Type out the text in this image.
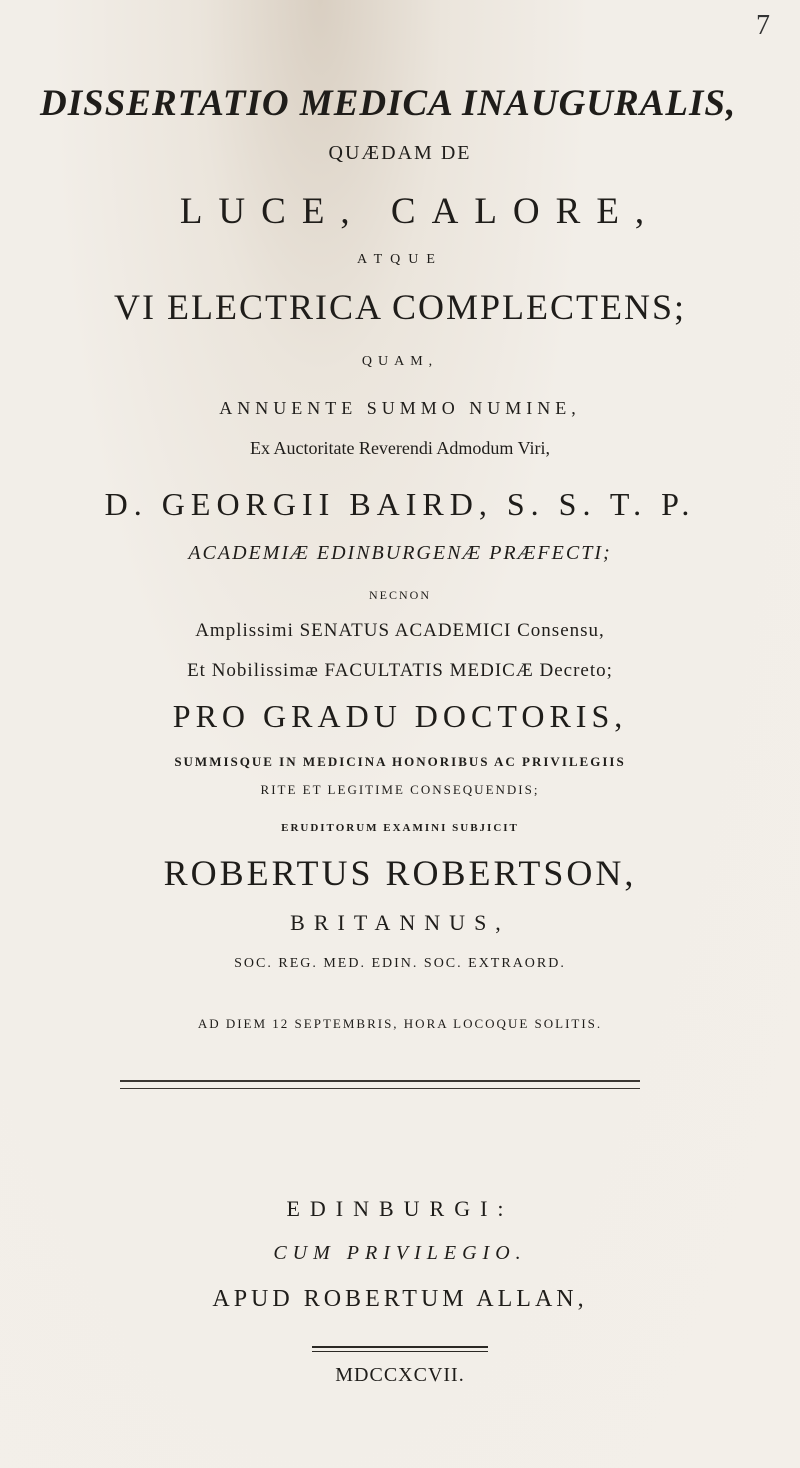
7
DISSERTATIO MEDICA INAUGURALIS,
QUÆDAM DE
LUCE, CALORE,
ATQUE
VI ELECTRICA COMPLECTENS;
QUAM,
ANNUENTE SUMMO NUMINE,
Ex Auctoritate Reverendi Admodum Viri,
D. GEORGII BAIRD, S. S. T. P.
ACADEMIÆ EDINBURGENÆ PRÆFECTI;
NECNON
Amplissimi SENATUS ACADEMICI Consensu,
Et Nobilissimæ FACULTATIS MEDICÆ Decreto;
PRO GRADU DOCTORIS,
SUMMISQUE IN MEDICINA HONORIBUS AC PRIVILEGIIS
RITE ET LEGITIME CONSEQUENDIS;
ERUDITORUM EXAMINI SUBJICIT
ROBERTUS ROBERTSON,
BRITANNUS,
SOC. REG. MED. EDIN. SOC. EXTRAORD.
AD DIEM 12 SEPTEMBRIS, HORA LOCOQUE SOLITIS.
EDINBURGI:
CUM PRIVILEGIO.
APUD ROBERTUM ALLAN,
MDCCXCVII.
